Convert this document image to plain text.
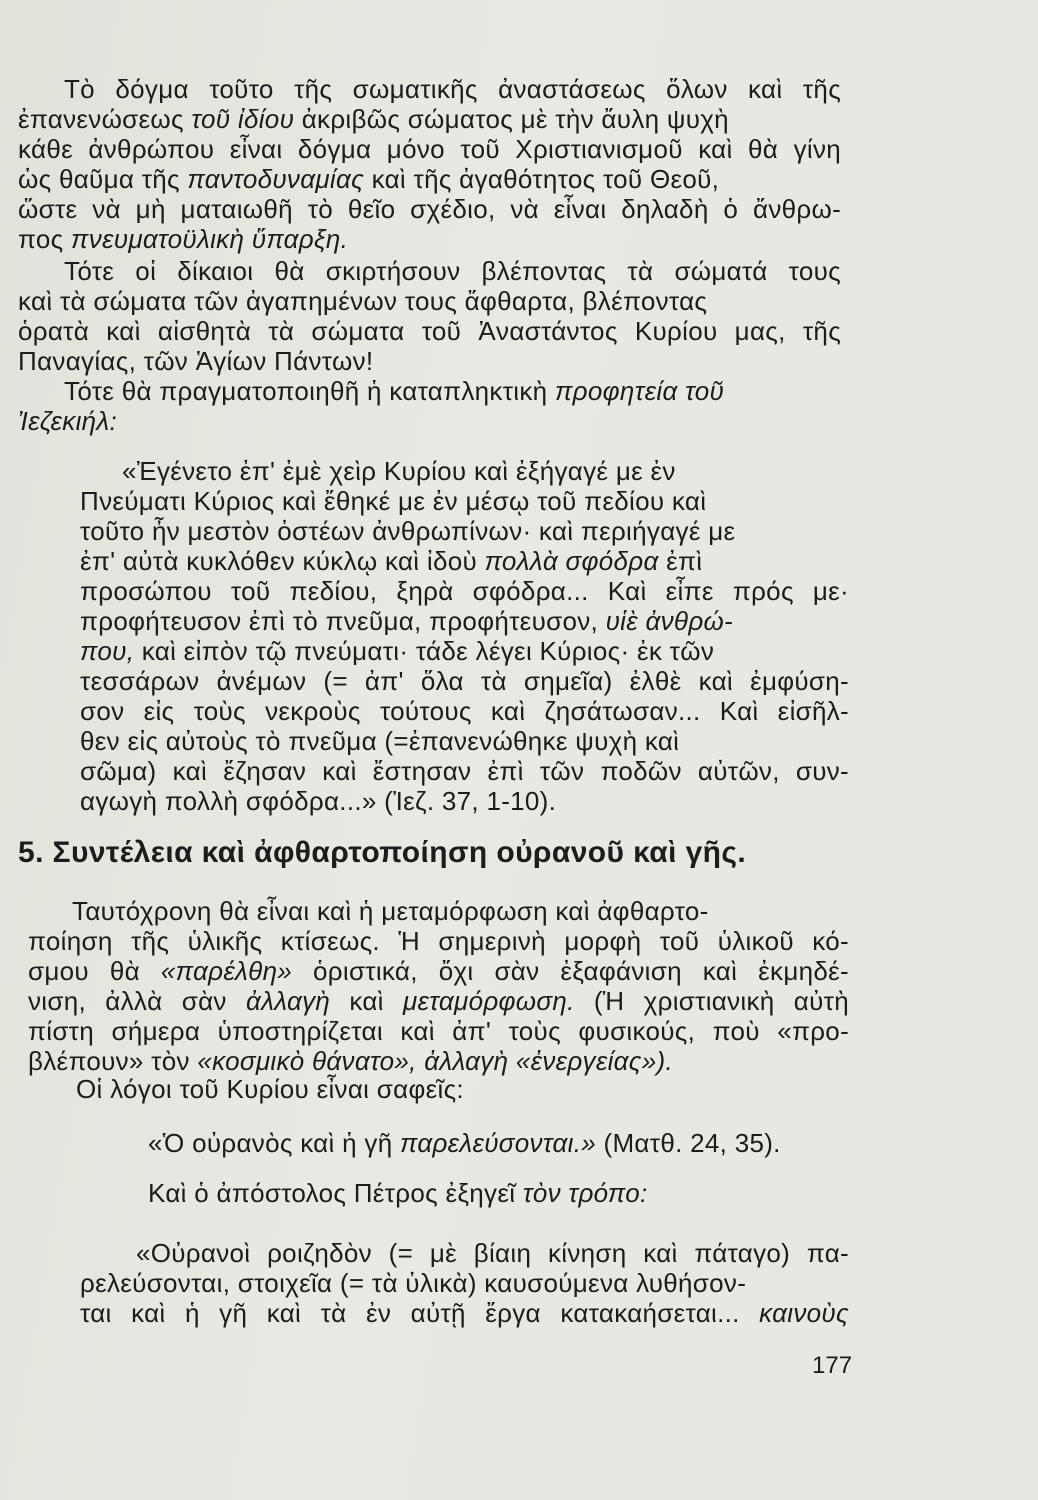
Τὸ δόγμα τοῦτο τῆς σωματικῆς ἀναστάσεως ὅλων καὶ τῆς
ἐπανενώσεως τοῦ ἰδίου ἀκριβῶς σώματος μὲ τὴν ἄυλη ψυχὴ
κάθε ἀνθρώπου εἶναι δόγμα μόνο τοῦ Χριστιανισμοῦ καὶ θὰ γίνη
ὡς θαῦμα τῆς παντοδυναμίας καὶ τῆς ἀγαθότητος τοῦ Θεοῦ,
ὥστε νὰ μὴ ματαιωθῆ τὸ θεῖο σχέδιο, νὰ εἶναι δηλαδὴ ὁ ἄνθρω-
πος πνευματοϋλικὴ ὕπαρξη.
Τότε οἱ δίκαιοι θὰ σκιρτήσουν βλέποντας τὰ σώματά τους
καὶ τὰ σώματα τῶν ἀγαπημένων τους ἄφθαρτα, βλέποντας
ὁρατὰ καὶ αἰσθητὰ τὰ σώματα τοῦ Ἀναστάντος Κυρίου μας, τῆς
Παναγίας, τῶν Ἁγίων Πάντων!
Τότε θὰ πραγματοποιηθῆ ἡ καταπληκτικὴ προφητεία τοῦ
Ἰεζεκιήλ:
«Ἐγένετο ἐπ' ἐμὲ χεὶρ Κυρίου καὶ ἐξήγαγέ με ἐν
Πνεύματι Κύριος καὶ ἔθηκέ με ἐν μέσῳ τοῦ πεδίου καὶ
τοῦτο ἦν μεστὸν ὀστέων ἀνθρωπίνων· καὶ περιήγαγέ με
ἐπ' αὐτὰ κυκλόθεν κύκλῳ καὶ ἰδοὺ πολλὰ σφόδρα ἐπὶ
προσώπου τοῦ πεδίου, ξηρὰ σφόδρα... Καὶ εἶπε πρός με·
προφήτευσον ἐπὶ τὸ πνεῦμα, προφήτευσον, υἱὲ ἀνθρώ-
που, καὶ εἰπὸν τῷ πνεύματι· τάδε λέγει Κύριος· ἐκ τῶν
τεσσάρων ἀνέμων (= ἀπ' ὅλα τὰ σημεῖα) ἐλθὲ καὶ ἐμφύση-
σον εἰς τοὺς νεκροὺς τούτους καὶ ζησάτωσαν... Καὶ εἰσῆλ-
θεν εἰς αὐτοὺς τὸ πνεῦμα (=ἐπανενώθηκε ψυχὴ καὶ
σῶμα) καὶ ἔζησαν καὶ ἔστησαν ἐπὶ τῶν ποδῶν αὐτῶν, συν-
αγωγὴ πολλὴ σφόδρα...» (Ἰεζ. 37, 1-10).
Ταυτόχρονη θὰ εἶναι καὶ ἡ μεταμόρφωση καὶ ἀφθαρτο-
ποίηση τῆς ὑλικῆς κτίσεως. Ἡ σημερινὴ μορφὴ τοῦ ὑλικοῦ κό-
σμου θὰ «παρέλθη» ὁριστικά, ὄχι σὰν ἐξαφάνιση καὶ ἐκμηδέ-
νιση, ἀλλὰ σὰν ἀλλαγὴ καὶ μεταμόρφωση. (Ἡ χριστιανικὴ αὐτὴ
πίστη σήμερα ὑποστηρίζεται καὶ ἀπ' τοὺς φυσικούς, ποὺ «προ-
βλέπουν» τὸν «κοσμικὸ θάνατο», ἀλλαγὴ «ἐνεργείας»).
Οἱ λόγοι τοῦ Κυρίου εἶναι σαφεῖς:
«Ὁ οὐρανὸς καὶ ἡ γῆ παρελεύσονται.» (Ματθ. 24, 35).
Καὶ ὁ ἀπόστολος Πέτρος ἐξηγεῖ τὸν τρόπο:
«Οὐρανοὶ ροιζηδὸν (= μὲ βίαιη κίνηση καὶ πάταγο) πα-
ρελεύσονται, στοιχεῖα (= τὰ ὑλικὰ) καυσούμενα λυθήσον-
ται καὶ ἡ γῆ καὶ τὰ ἐν αὐτῇ ἔργα κατακαήσεται... καινοὺς
5. Συντέλεια καὶ ἀφθαρτοποίηση οὐρανοῦ καὶ γῆς.
177
